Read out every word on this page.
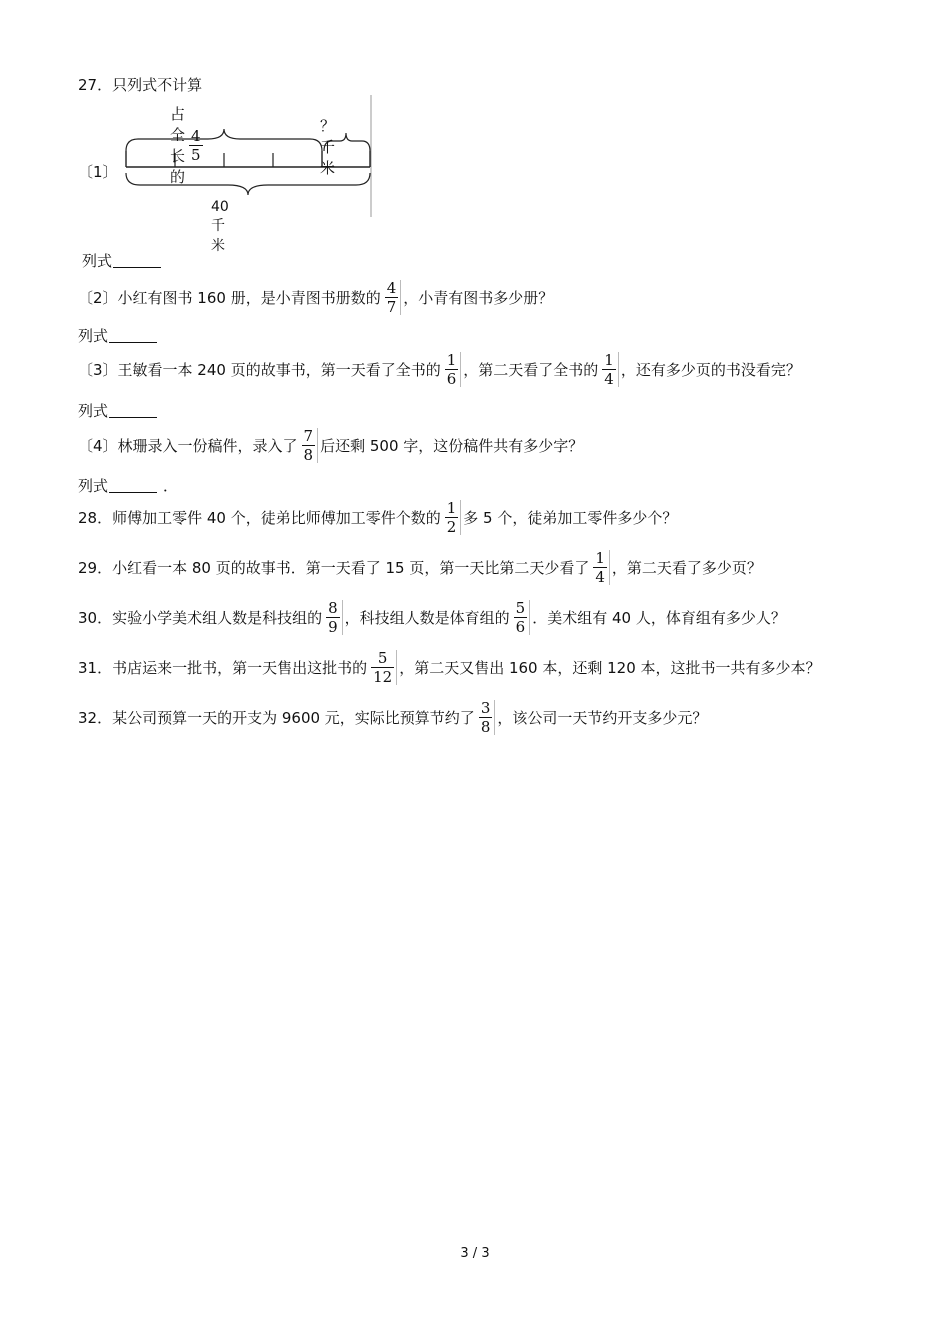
27．只列式不计算
〔1〕
占全长的
$\frac{4}{5}$
？千米
40 千米
列式
〔2〕小红有图书 160 册，是小青图书册数的 $\frac{4}{7}$ ，小青有图书多少册？
列式
〔3〕王敏看一本 240 页的故事书，第一天看了全书的 $\frac{1}{6}$ ，第二天看了全书的 $\frac{1}{4}$ ，还有多少页的书没看完？
列式
〔4〕林珊录入一份稿件，录入了 $\frac{7}{8}$ 后还剩 500 字，这份稿件共有多少字？
列式	．
28．师傅加工零件 40 个，徒弟比师傅加工零件个数的 $\frac{1}{2}$ 多 5 个，徒弟加工零件多少个？
29．小红看一本 80 页的故事书．第一天看了 15 页，第一天比第二天少看了 $\frac{1}{4}$ ，第二天看了多少页？
30．实验小学美术组人数是科技组的 $\frac{8}{9}$ ，科技组人数是体育组的 $\frac{5}{6}$ ．美术组有 40 人，体育组有多少人？
31．书店运来一批书，第一天售出这批书的 $\frac{5}{12}$ ，第二天又售出 160 本，还剩 120 本，这批书一共有多少本？
32．某公司预算一天的开支为 9600 元，实际比预算节约了 $\frac{3}{8}$ ，该公司一天节约开支多少元？
3 / 3
